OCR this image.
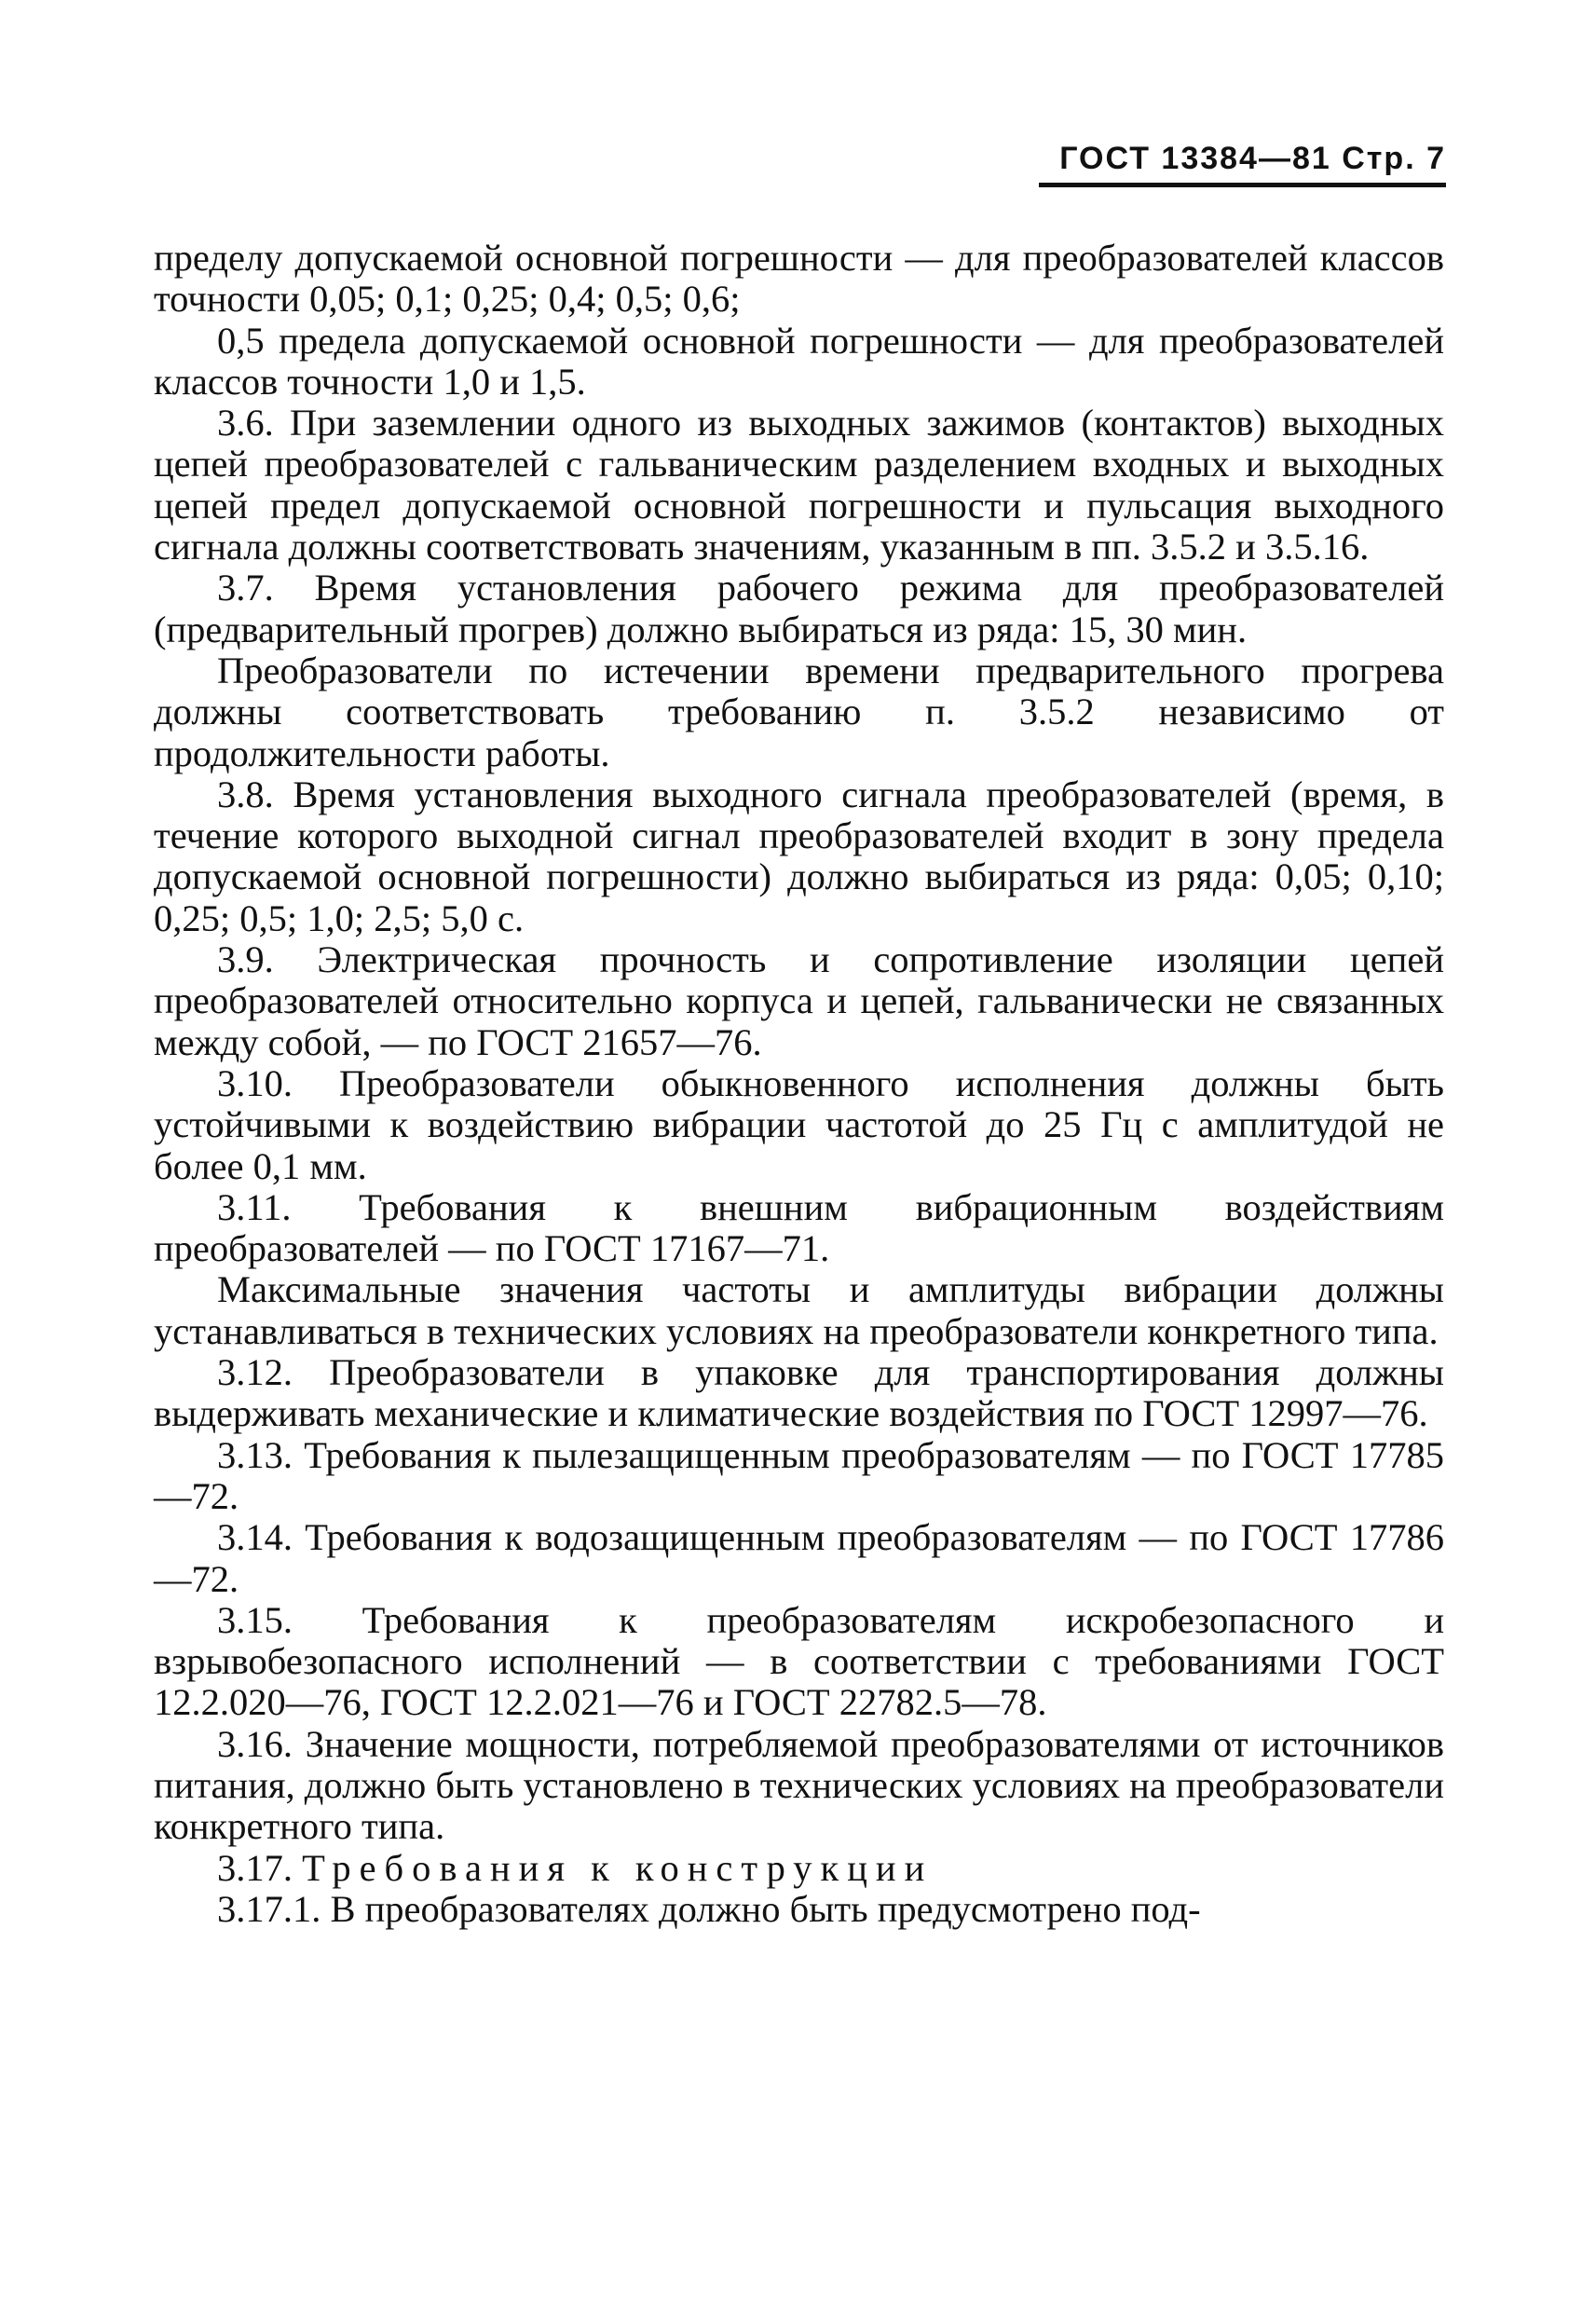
ГОСТ 13384—81 Стр. 7

пределу допускаемой основной погрешности — для преобразователей классов точности 0,05; 0,1; 0,25; 0,4; 0,5; 0,6;

0,5 предела допускаемой основной погрешности — для преобразователей классов точности 1,0 и 1,5.

3.6. При заземлении одного из выходных зажимов (контактов) выходных цепей преобразователей с гальваническим разделением входных и выходных цепей предел допускаемой основной погрешности и пульсация выходного сигнала должны соответствовать значениям, указанным в пп. 3.5.2 и 3.5.16.

3.7. Время установления рабочего режима для преобразователей (предварительный прогрев) должно выбираться из ряда: 15, 30 мин.

Преобразователи по истечении времени предварительного прогрева должны соответствовать требованию п. 3.5.2 независимо от продолжительности работы.

3.8. Время установления выходного сигнала преобразователей (время, в течение которого выходной сигнал преобразователей входит в зону предела допускаемой основной погрешности) должно выбираться из ряда: 0,05; 0,10; 0,25; 0,5; 1,0; 2,5; 5,0 с.

3.9. Электрическая прочность и сопротивление изоляции цепей преобразователей относительно корпуса и цепей, гальванически не связанных между собой, — по ГОСТ 21657—76.

3.10. Преобразователи обыкновенного исполнения должны быть устойчивыми к воздействию вибрации частотой до 25 Гц с амплитудой не более 0,1 мм.

3.11. Требования к внешним вибрационным воздействиям преобразователей — по ГОСТ 17167—71.

Максимальные значения частоты и амплитуды вибрации должны устанавливаться в технических условиях на преобразователи конкретного типа.

3.12. Преобразователи в упаковке для транспортирования должны выдерживать механические и климатические воздействия по ГОСТ 12997—76.

3.13. Требования к пылезащищенным преобразователям — по ГОСТ 17785—72.

3.14. Требования к водозащищенным преобразователям — по ГОСТ 17786—72.

3.15. Требования к преобразователям искробезопасного и взрывобезопасного исполнений — в соответствии с требованиями ГОСТ 12.2.020—76, ГОСТ 12.2.021—76 и ГОСТ 22782.5—78.

3.16. Значение мощности, потребляемой преобразователями от источников питания, должно быть установлено в технических условиях на преобразователи конкретного типа.

3.17. Требования к конструкции

3.17.1. В преобразователях должно быть предусмотрено под-
